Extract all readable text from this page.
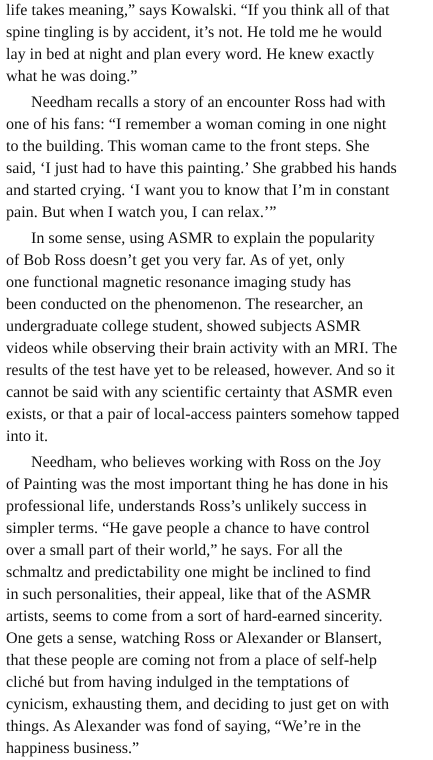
life takes meaning,” says Kowalski. “If you think all of that
spine tingling is by accident, it’s not. He told me he would
lay in bed at night and plan every word. He knew exactly
what he was doing.”
Needham recalls a story of an encounter Ross had with
one of his fans: “I remember a woman coming in one night
to the building. This woman came to the front steps. She
said, ‘I just had to have this painting.’ She grabbed his hands
and started crying. ‘I want you to know that I’m in constant
pain. But when I watch you, I can relax.’”
In some sense, using ASMR to explain the popularity
of Bob Ross doesn’t get you very far. As of yet, only
one functional magnetic resonance imaging study has
been conducted on the phenomenon. The researcher, an
undergraduate college student, showed subjects ASMR
videos while observing their brain activity with an MRI. The
results of the test have yet to be released, however. And so it
cannot be said with any scientific certainty that ASMR even
exists, or that a pair of local-access painters somehow tapped
into it.
Needham, who believes working with Ross on the Joy
of Painting was the most important thing he has done in his
professional life, understands Ross’s unlikely success in
simpler terms. “He gave people a chance to have control
over a small part of their world,” he says. For all the
schmaltz and predictability one might be inclined to find
in such personalities, their appeal, like that of the ASMR
artists, seems to come from a sort of hard-earned sincerity.
One gets a sense, watching Ross or Alexander or Blansert,
that these people are coming not from a place of self-help
cliché but from having indulged in the temptations of
cynicism, exhausting them, and deciding to just get on with
things. As Alexander was fond of saying, “We’re in the
happiness business.”
